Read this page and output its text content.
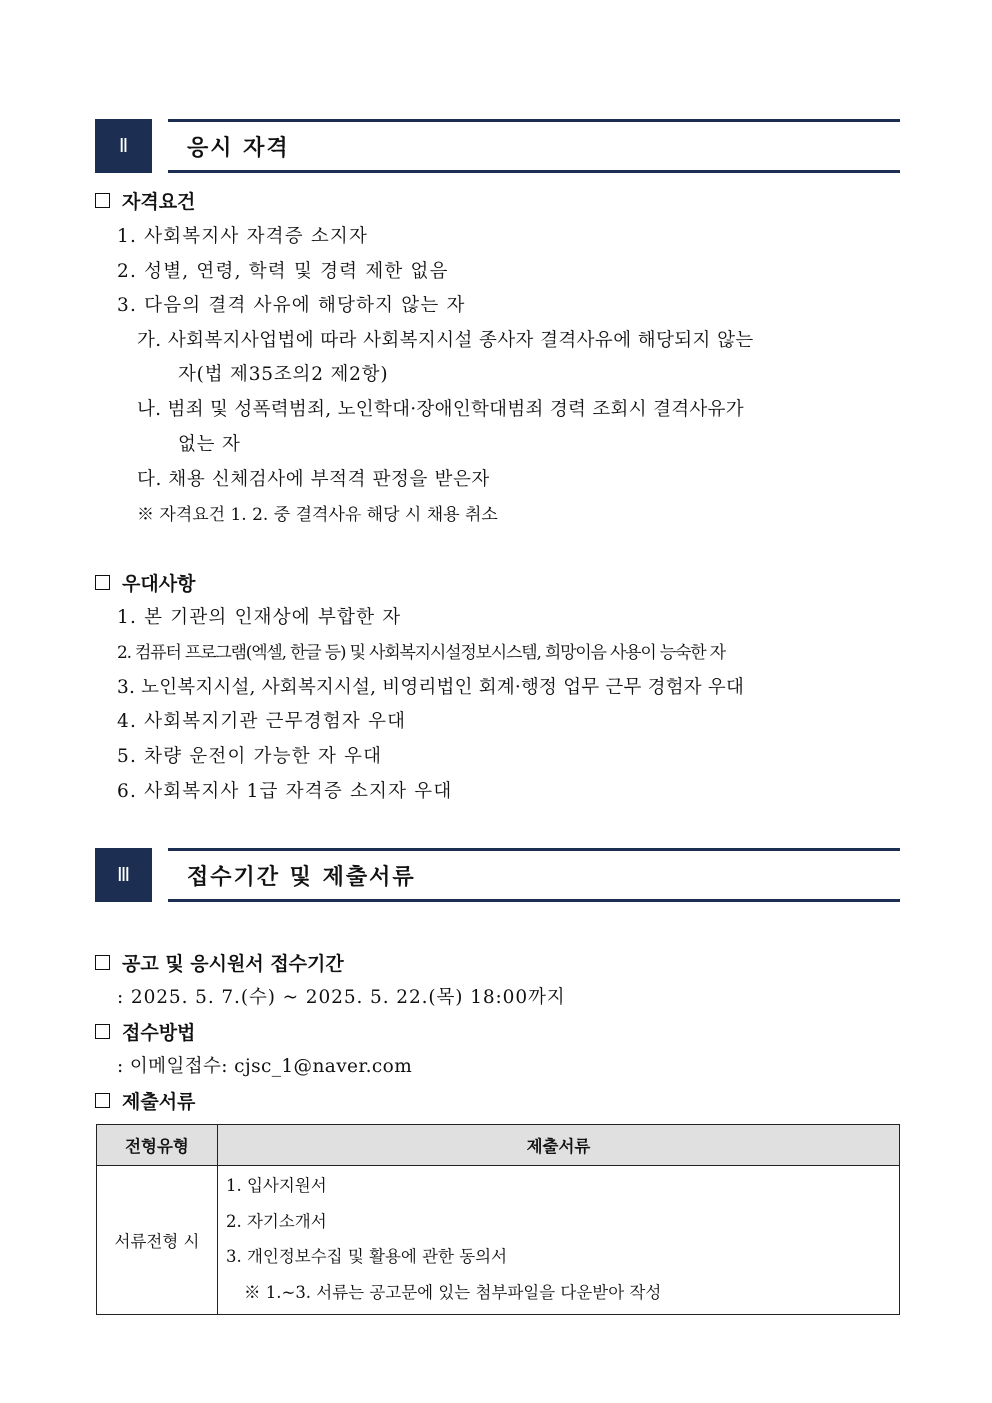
Ⅱ	응시 자격
자격요건
1. 사회복지사 자격증 소지자
2. 성별, 연령, 학력 및 경력 제한 없음
3. 다음의 결격 사유에 해당하지 않는 자
가. 사회복지사업법에 따라 사회복지시설 종사자 결격사유에 해당되지 않는
자(법 제35조의2 제2항)
나. 범죄 및 성폭력범죄, 노인학대·장애인학대범죄 경력 조회시 결격사유가
없는 자
다. 채용 신체검사에 부적격 판정을 받은자
※ 자격요건 1. 2. 중 결격사유 해당 시 채용 취소
우대사항
1. 본 기관의 인재상에 부합한 자
2. 컴퓨터 프로그램(엑셀, 한글 등) 및 사회복지시설정보시스템, 희망이음 사용이 능숙한 자
3. 노인복지시설, 사회복지시설, 비영리법인 회계·행정 업무 근무 경험자 우대
4. 사회복지기관 근무경험자 우대
5. 차량 운전이 가능한 자 우대
6. 사회복지사 1급 자격증 소지자 우대
Ⅲ	접수기간 및 제출서류
공고 및 응시원서 접수기간
: 2025. 5. 7.(수) ~ 2025. 5. 22.(목) 18:00까지
접수방법
: 이메일접수: cjsc_1@naver.com
제출서류
전형유형	제출서류
서류전형 시	1. 입사지원서
2. 자기소개서
3. 개인정보수집 및 활용에 관한 동의서
※ 1.~3. 서류는 공고문에 있는 첨부파일을 다운받아 작성
